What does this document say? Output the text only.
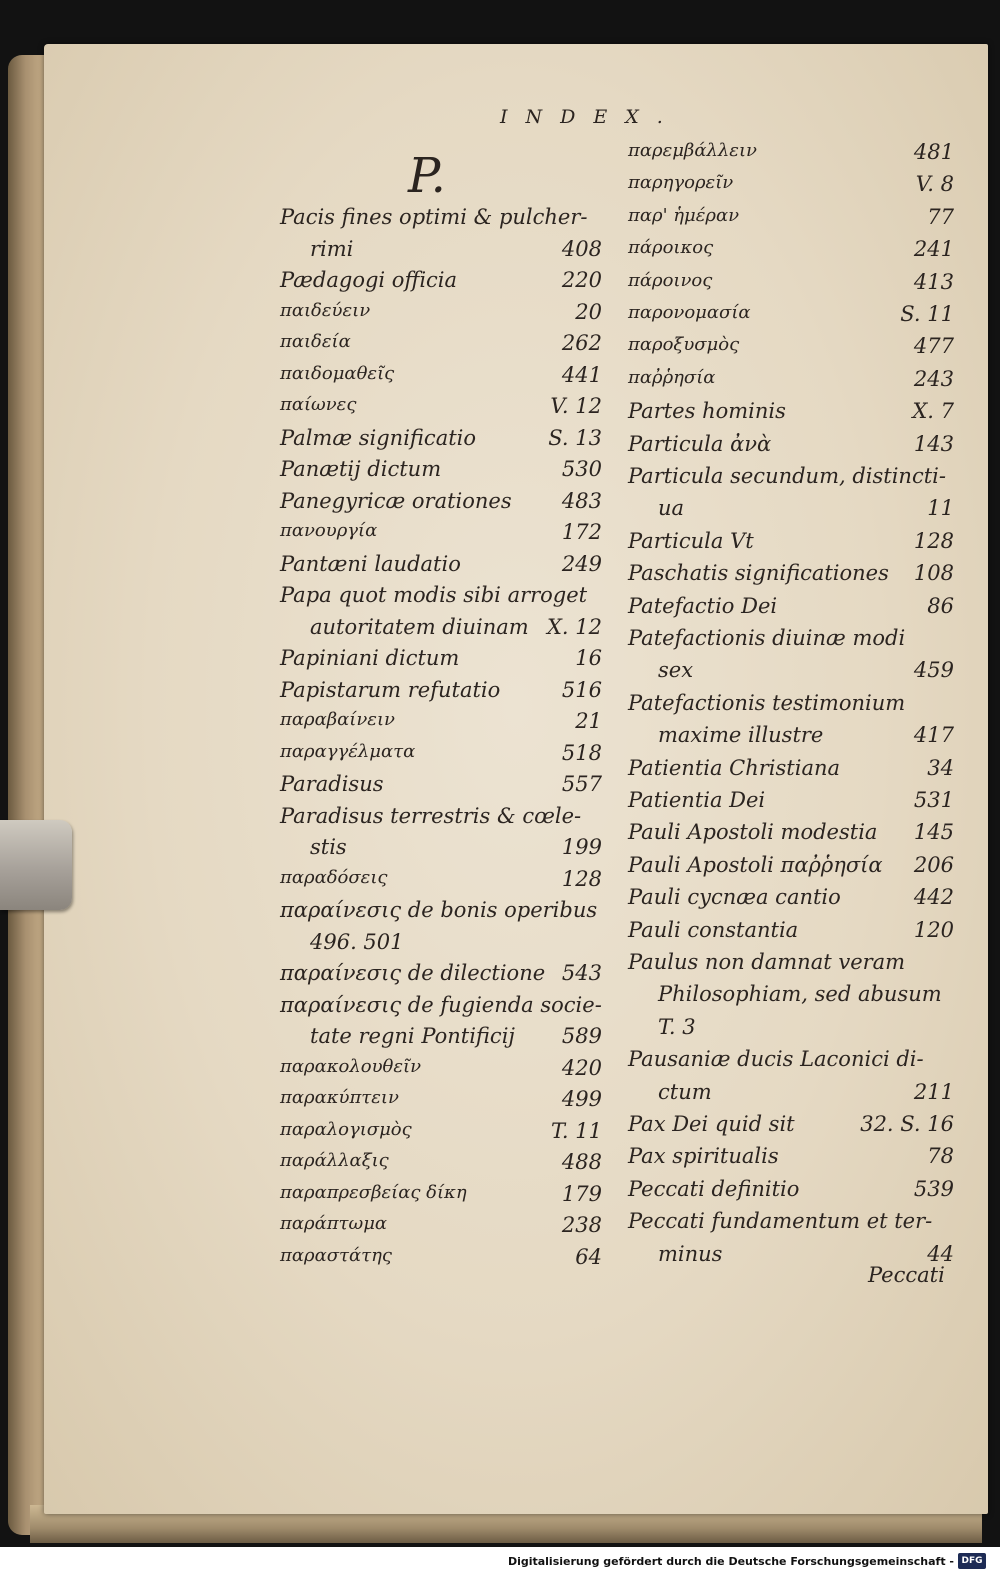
INDEX.
P.
Pacis fines optimi & pulcher-
rimi	408
Pædagogi officia	220
παιδεύειν	20
παιδεία	262
παιδομαθεῖς	441
παίωνες	V. 12
Palmæ significatio	S. 13
Panætij dictum	530
Panegyricæ orationes 483
πανουργία	172
Pantæni laudatio	249
Papa quot modis sibi arroget
autoritatem diuinam X. 12
Papiniani dictum	16
Papistarum refutatio	516
παραβαίνειν	21
παραγγέλματα	518
Paradisus	557
Paradisus terrestris & cœle-
stis	199
παραδόσεις	128
παραίνεσις de bonis operibus
496. 501
παραίνεσις de dilectione 543
παραίνεσις de fugienda socie-
tate regni Pontificij 589
παρακολουθεῖν	420
παρακύπτειν	499
παραλογισμὸς	T. 11
παράλλαξις	488
παραπρεσβείας δίκη	179
παράπτωμα	238
παραστάτης	64
παρεμβάλλειν	481
παρηγορεῖν	V. 8
παρ' ἡμέραν	77
πάροικος	241
πάροινος	413
παρονομασία	S. 11
παροξυσμὸς	477
παῤῥησία	243
Partes hominis	X. 7
Particula ἀνὰ	143
Particula secundum, distincti-
ua	11
Particula Vt	128
Paschatis significationes 108
Patefactio Dei	86
Patefactionis diuinæ modi
sex	459
Patefactionis testimonium
maxime illustre	417
Patientia Christiana	34
Patientia Dei	531
Pauli Apostoli modestia 145
Pauli Apostoli παῤῥησία 206
Pauli cycnæa cantio	442
Pauli constantia	120
Paulus non damnat veram
Philosophiam, sed abusum
T. 3
Pausaniæ ducis Laconici di-
ctum	211
Pax Dei quid sit	32. S. 16
Pax spiritualis	78
Peccati definitio	539
Peccati fundamentum et ter-
minus	44
Peccati
Digitalisierung gefördert durch die Deutsche Forschungsgemeinschaft - DFG
